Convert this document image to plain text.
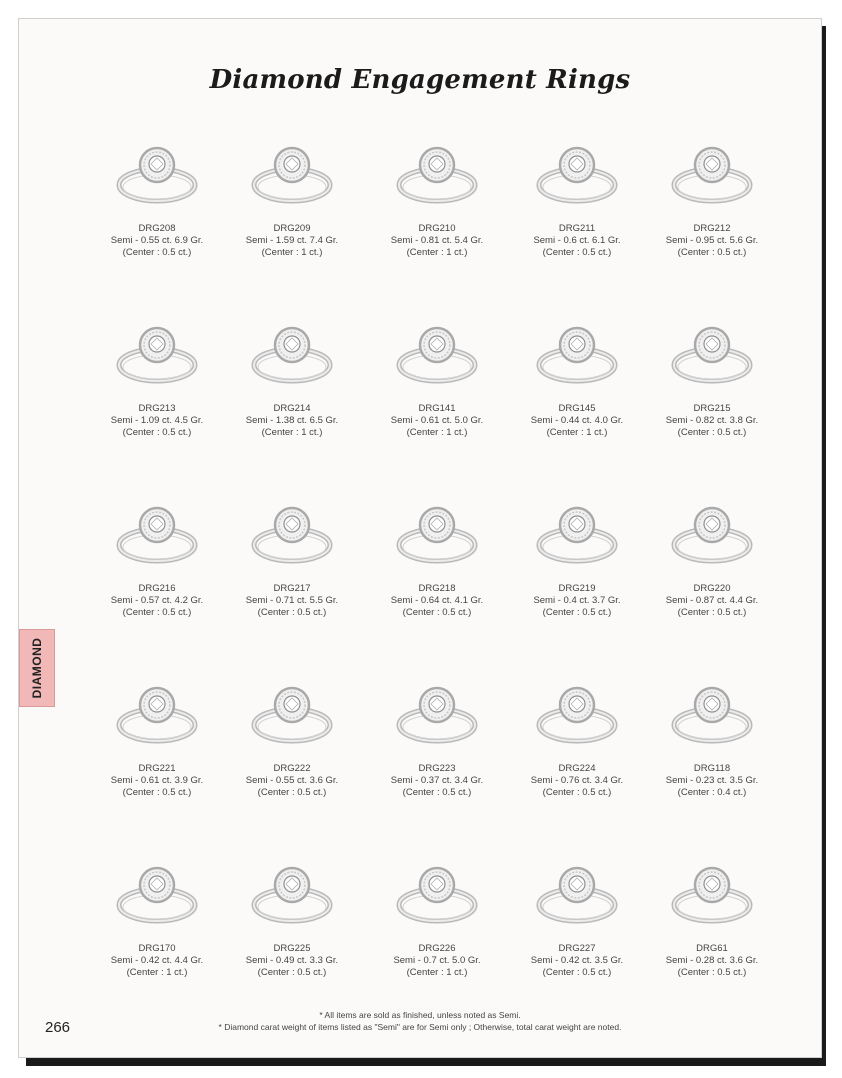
Diamond Engagement Rings
DRG208
Semi - 0.55 ct. 6.9 Gr.
(Center : 0.5 ct.)
DRG209
Semi - 1.59 ct. 7.4 Gr.
(Center : 1 ct.)
DRG210
Semi - 0.81 ct. 5.4 Gr.
(Center : 1 ct.)
DRG211
Semi - 0.6 ct. 6.1 Gr.
(Center : 0.5 ct.)
DRG212
Semi - 0.95 ct. 5.6 Gr.
(Center : 0.5 ct.)
DRG213
Semi - 1.09 ct. 4.5 Gr.
(Center : 0.5 ct.)
DRG214
Semi - 1.38 ct. 6.5 Gr.
(Center : 1 ct.)
DRG141
Semi - 0.61 ct. 5.0 Gr.
(Center : 1 ct.)
DRG145
Semi - 0.44 ct. 4.0 Gr.
(Center : 1 ct.)
DRG215
Semi - 0.82 ct. 3.8 Gr.
(Center : 0.5 ct.)
DRG216
Semi - 0.57 ct. 4.2 Gr.
(Center : 0.5 ct.)
DRG217
Semi - 0.71 ct. 5.5 Gr.
(Center : 0.5 ct.)
DRG218
Semi - 0.64 ct. 4.1 Gr.
(Center : 0.5 ct.)
DRG219
Semi - 0.4 ct. 3.7 Gr.
(Center : 0.5 ct.)
DRG220
Semi - 0.87 ct. 4.4 Gr.
(Center : 0.5 ct.)
DRG221
Semi - 0.61 ct. 3.9 Gr.
(Center : 0.5 ct.)
DRG222
Semi - 0.55 ct. 3.6 Gr.
(Center : 0.5 ct.)
DRG223
Semi - 0.37 ct. 3.4 Gr.
(Center : 0.5 ct.)
DRG224
Semi - 0.76 ct. 3.4 Gr.
(Center : 0.5 ct.)
DRG118
Semi - 0.23 ct. 3.5 Gr.
(Center : 0.4 ct.)
DRG170
Semi - 0.42 ct. 4.4 Gr.
(Center : 1 ct.)
DRG225
Semi - 0.49 ct. 3.3 Gr.
(Center : 0.5 ct.)
DRG226
Semi - 0.7 ct. 5.0 Gr.
(Center : 1 ct.)
DRG227
Semi - 0.42 ct. 3.5 Gr.
(Center : 0.5 ct.)
DRG61
Semi - 0.28 ct. 3.6 Gr.
(Center : 0.5 ct.)
DIAMOND
* All items are sold as finished, unless noted as Semi.
* Diamond carat weight of items listed as "Semi" are for Semi only ; Otherwise, total carat weight are noted.
266
